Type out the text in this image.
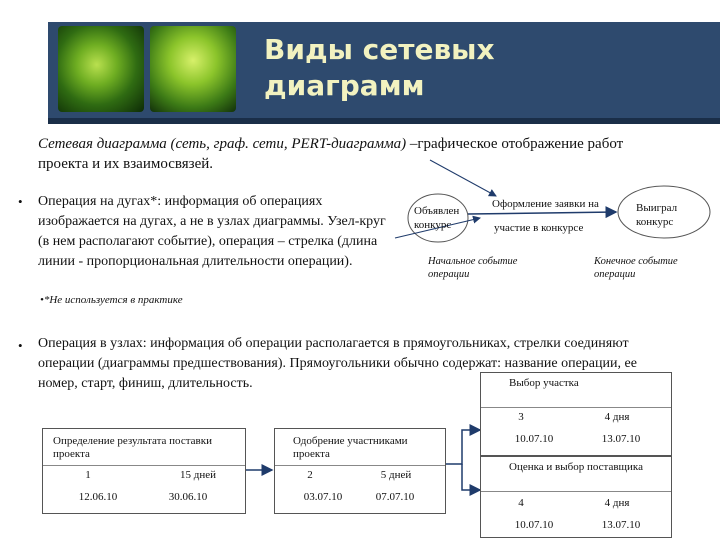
Виды сетевых
диаграмм
Сетевая диаграмма (сеть, граф. сети, PERT-диаграмма) –графическое отображение работ проекта и их взаимосвязей.
• Операция на дугах*: информация об операциях изображается на дугах, а не в узлах диаграммы. Узел-круг (в нем располагают событие), операция – стрелка (длина линии - пропорциональная длительности операции).
•*Не используется в практике
• Операция в узлах: информация об операции располагается в прямоугольниках, стрелки соединяют операции (диаграммы предшествования). Прямоугольники обычно содержат: название операции, ее номер, старт, финиш, длительность.
Объявлен конкурс
Выиграл конкурс
Оформление заявки на
участие в конкурсе
Начальное событие операции
Конечное событие операции
Определение результата поставки проекта
1	15 дней
12.06.10	30.06.10
Одобрение участниками проекта
2	5 дней
03.07.10	07.07.10
Выбор участка
3	4 дня
10.07.10	13.07.10
Оценка и выбор поставщика
4	4 дня
10.07.10	13.07.10
